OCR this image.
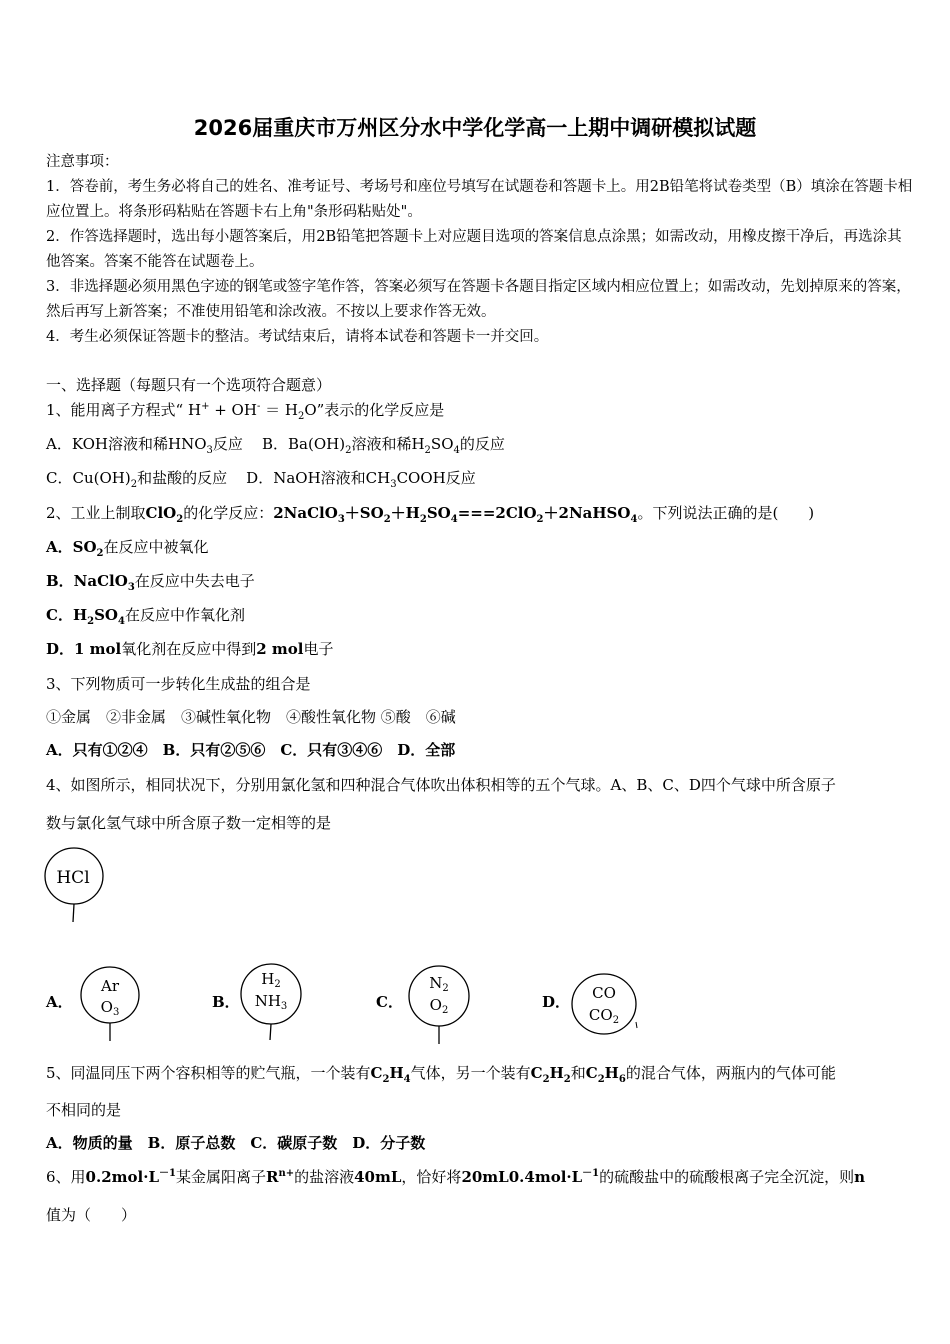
2026届重庆市万州区分水中学化学高一上期中调研模拟试题

注意事项：

1．答卷前，考生务必将自己的姓名、准考证号、考场号和座位号填写在试题卷和答题卡上。用2B铅笔将试卷类型（B）填涂在答题卡相应位置上。将条形码粘贴在答题卡右上角"条形码粘贴处"。

2．作答选择题时，选出每小题答案后，用2B铅笔把答题卡上对应题目选项的答案信息点涂黑；如需改动，用橡皮擦干净后，再选涂其他答案。答案不能答在试题卷上。

3．非选择题必须用黑色字迹的钢笔或签字笔作答，答案必须写在答题卡各题目指定区域内相应位置上；如需改动，先划掉原来的答案，然后再写上新答案；不准使用铅笔和涂改液。不按以上要求作答无效。

4．考生必须保证答题卡的整洁。考试结束后，请将本试卷和答题卡一并交回。

一、选择题（每题只有一个选项符合题意）
1、能用离子方程式“ $H^+ + OH^- = H_2O$”表示的化学反应是
A．KOH溶液和稀$HNO_3$反应 B．$Ba(OH)_2$溶液和稀$H_2SO_4$的反应
C．$Cu(OH)_2$和盐酸的反应 D．NaOH溶液和$CH_3COOH$反应
2、工业上制取ClO$_2$的化学反应：$2NaClO_3+SO_2+H_2SO_4===2ClO_2+2NaHSO_4$。下列说法正确的是(　　)
A．$SO_2$在反应中被氧化
B．NaClO$_3$在反应中失去电子
C．$H_2SO_4$在反应中作氧化剂
D．1 mol氧化剂在反应中得到2 mol电子
3、下列物质可一步转化生成盐的组合是
①金属　②非金属　③碱性氧化物　④酸性氧化物 ⑤酸　⑥碱
A．只有①②④　B．只有②⑤⑥　C．只有③④⑥　D．全部
4、如图所示，相同状况下，分别用氯化氢和四种混合气体吹出体积相等的五个气球。A、B、C、D四个气球中所含原子
数与氯化氢气球中所含原子数一定相等的是
HCl
A．
Ar
$O_3$
B．
$H_2$
$NH_3$	C．
$N_2$
$O_2$	D． CO
$CO_2$
5、同温同压下两个容积相等的贮气瓶，一个装有$C_2H_4$气体，另一个装有$C_2H_2$和$C_2H_6$的混合气体，两瓶内的气体可能
不相同的是
A．物质的量　B．原子总数　C．碳原子数　D．分子数
6、用$0.2mol\cdot L^{-1}$某金属阳离子$R^{n+}$的盐溶液40mL，恰好将$20mL0.4mol\cdot L^{-1}$的硫酸盐中的硫酸根离子完全沉淀，则n
值为（　　）
